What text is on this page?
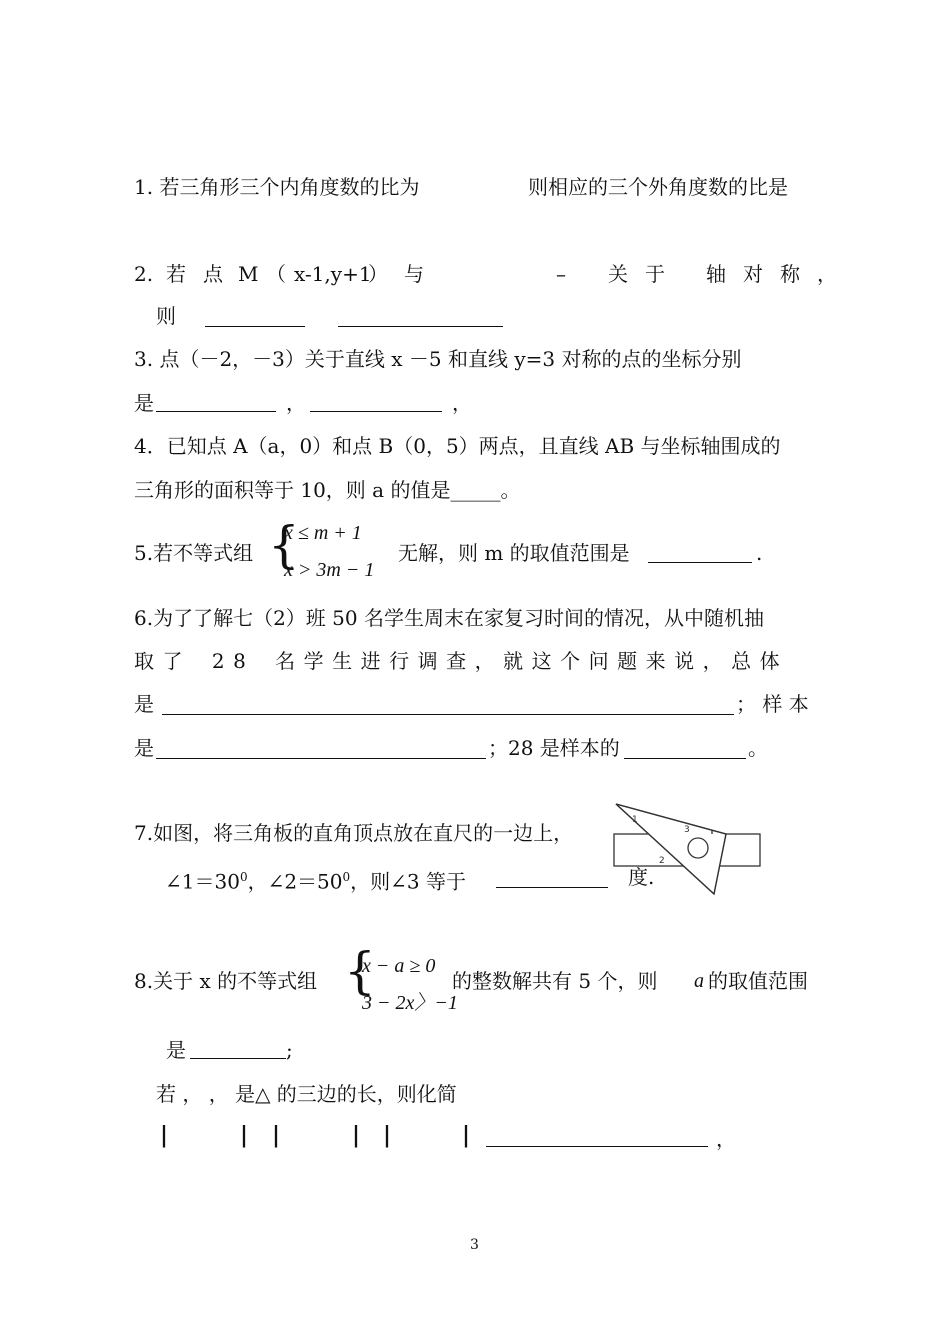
1. 若三角形三个内角度数的比为	则相应的三个外角度数的比是
2. 若点
M （ x-1,y+1
） 与	– 关于 轴对称，
则
3. 点（－2，－3）关于直线 x －5 和直线 y=3 对称的点的坐标分别
是	，	，
4．已知点 A（a，0）和点 B（0，5）两点，且直线 AB 与坐标轴围成的
三角形的面积等于 10，则 a 的值是_____。
5.若不等式组 {
x ≤ m + 1
x > 3m − 1
无解，则 m 的取值范围是	.
6.为了了解七（2）班 50 名学生周末在家复习时间的情况，从中随机抽
取了 28 名学生进行调查，就这个问题来说，总体
是	； 样 本
是	；28 是样本的	。
7.如图，将三角板的直角顶点放在直尺的一边上，
$\angle 1=30^0$，$\angle 2=50^0$，则∠3 等于	度.
1
3
2
8.关于 x 的不等式组 {
x − a ≥ 0
3 − 2x〉−1
的整数解共有 5 个，则 a 的取值范围
是	;
若 ， ， 是△ 的三边的长，则化简
|	| |	| |	|	，
3
